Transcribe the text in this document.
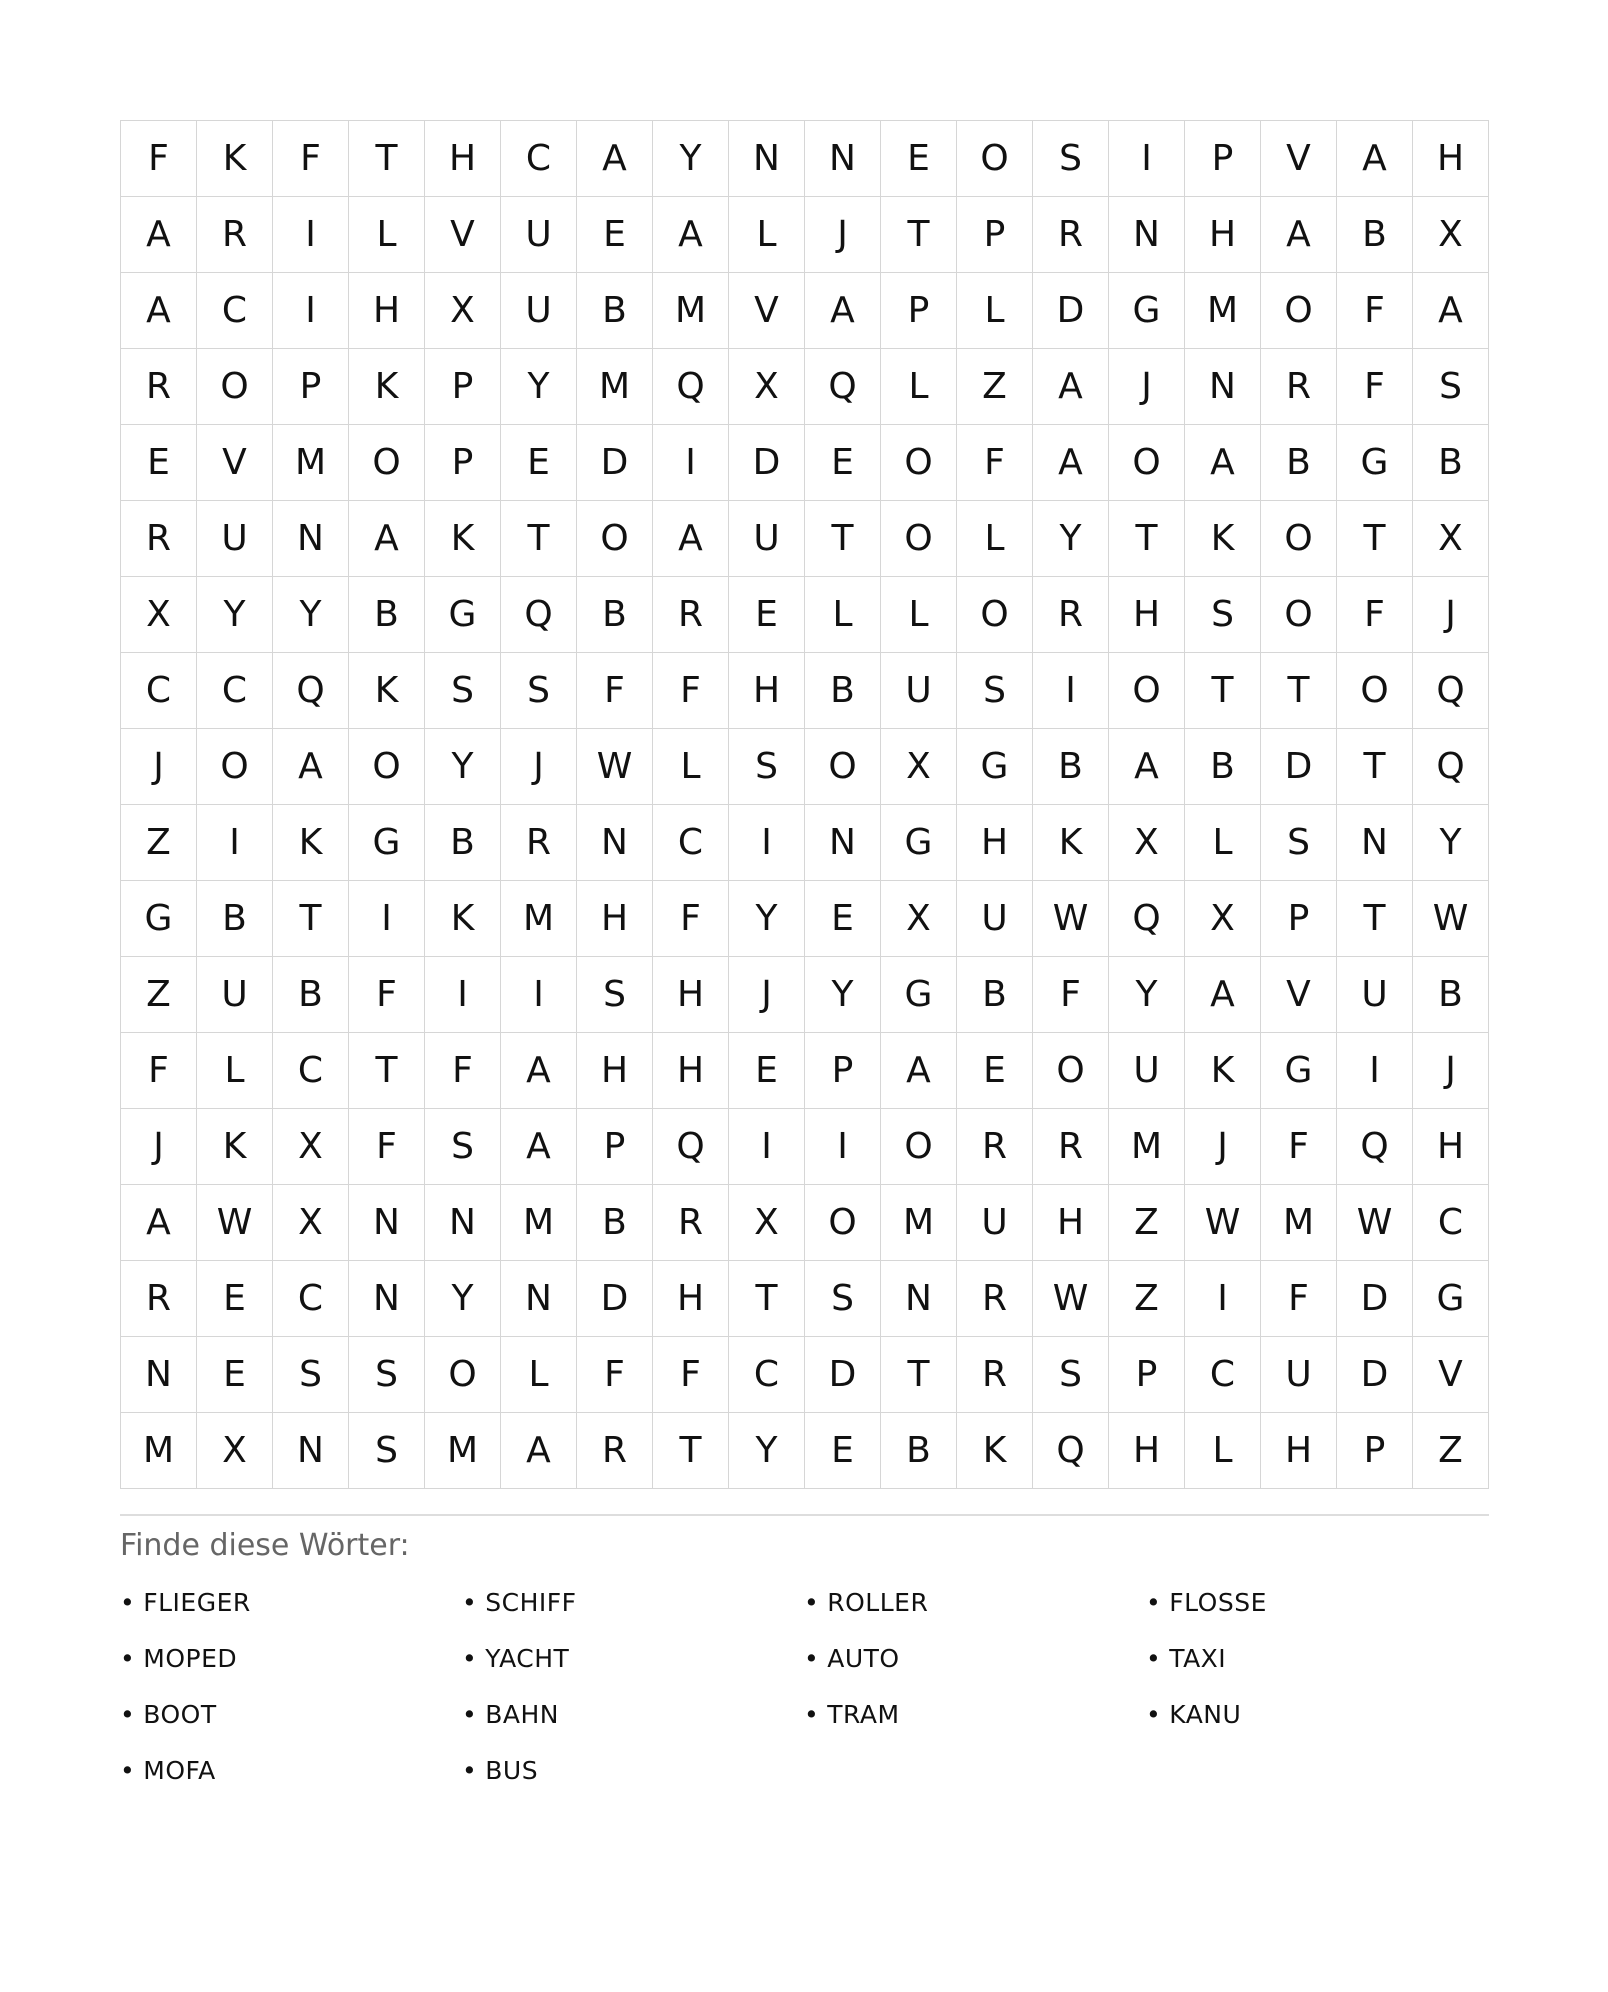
F	K	F	T	H	C	A	Y	N	N	E	O	S	I	P	V	A	H
A	R	I	L	V	U	E	A	L	J	T	P	R	N	H	A	B	X
A	C	I	H	X	U	B	M	V	A	P	L	D	G	M	O	F	A
R	O	P	K	P	Y	M	Q	X	Q	L	Z	A	J	N	R	F	S
E	V	M	O	P	E	D	I	D	E	O	F	A	O	A	B	G	B
R	U	N	A	K	T	O	A	U	T	O	L	Y	T	K	O	T	X
X	Y	Y	B	G	Q	B	R	E	L	L	O	R	H	S	O	F	J
C	C	Q	K	S	S	F	F	H	B	U	S	I	O	T	T	O	Q
J	O	A	O	Y	J	W	L	S	O	X	G	B	A	B	D	T	Q
Z	I	K	G	B	R	N	C	I	N	G	H	K	X	L	S	N	Y
G	B	T	I	K	M	H	F	Y	E	X	U	W	Q	X	P	T	W
Z	U	B	F	I	I	S	H	J	Y	G	B	F	Y	A	V	U	B
F	L	C	T	F	A	H	H	E	P	A	E	O	U	K	G	I	J
J	K	X	F	S	A	P	Q	I	I	O	R	R	M	J	F	Q	H
A	W	X	N	N	M	B	R	X	O	M	U	H	Z	W	M	W	C
R	E	C	N	Y	N	D	H	T	S	N	R	W	Z	I	F	D	G
N	E	S	S	O	L	F	F	C	D	T	R	S	P	C	U	D	V
M	X	N	S	M	A	R	T	Y	E	B	K	Q	H	L	H	P	Z
Finde diese Wörter:
• FLIEGER	• SCHIFF	• ROLLER	• FLOSSE
• MOPED	• YACHT	• AUTO	• TAXI
• BOOT	• BAHN	• TRAM	• KANU
• MOFA	• BUS
